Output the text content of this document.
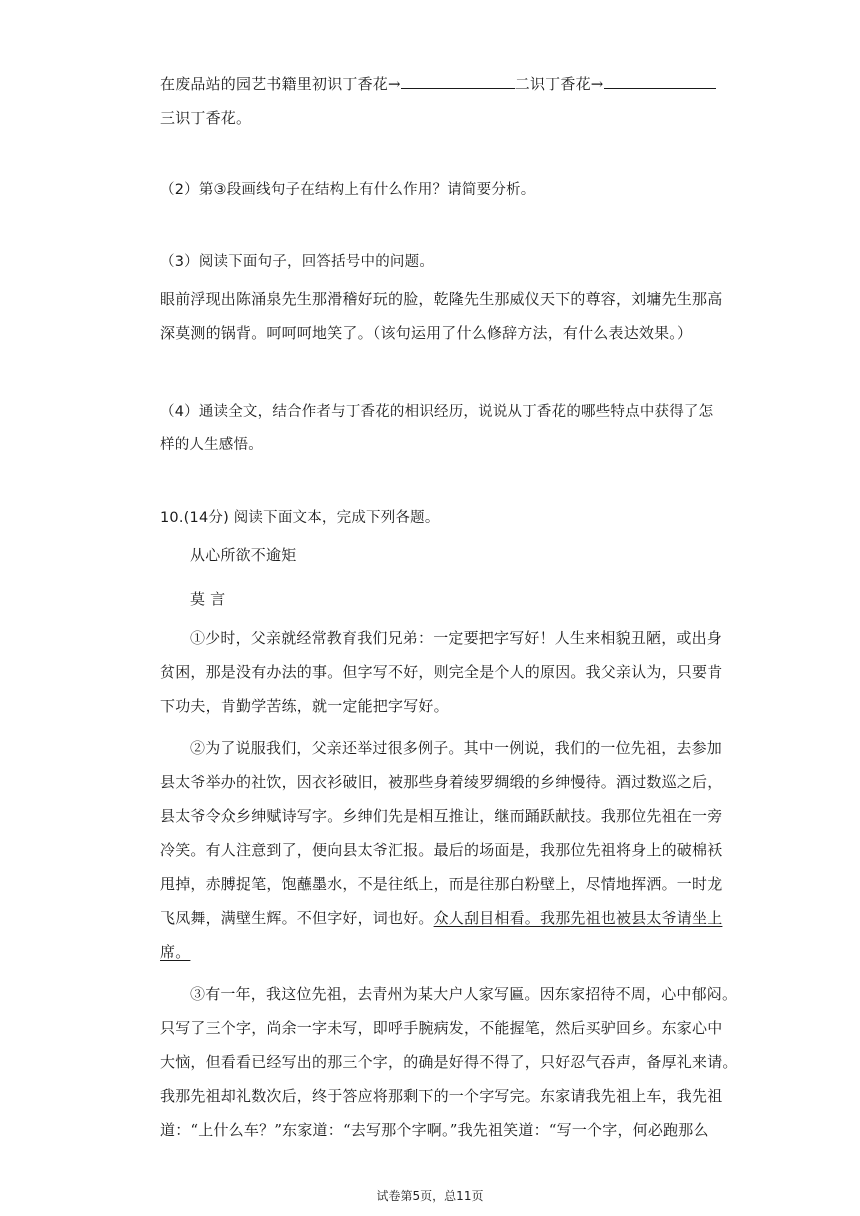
在废品站的园艺书籍里初识丁香花→	二识丁香花→
三识丁香花。
（2）第③段画线句子在结构上有什么作用？请简要分析。
（3）阅读下面句子，回答括号中的问题。
眼前浮现出陈涌泉先生那滑稽好玩的脸，乾隆先生那威仪天下的尊容，刘墉先生那高
深莫测的锅背。呵呵呵地笑了。（该句运用了什么修辞方法，有什么表达效果。）
（4）通读全文，结合作者与丁香花的相识经历，说说从丁香花的哪些特点中获得了怎
样的人生感悟。
10.(14分) 阅读下面文本，完成下列各题。
从心所欲不逾矩
莫 言
①少时，父亲就经常教育我们兄弟：一定要把字写好！人生来相貌丑陋，或出身
贫困，那是没有办法的事。但字写不好，则完全是个人的原因。我父亲认为，只要肯
下功夫，肯勤学苦练，就一定能把字写好。
②为了说服我们，父亲还举过很多例子。其中一例说，我们的一位先祖，去参加
县太爷举办的社饮，因衣衫破旧，被那些身着绫罗绸缎的乡绅慢待。酒过数巡之后，
县太爷令众乡绅赋诗写字。乡绅们先是相互推让，继而踊跃献技。我那位先祖在一旁
冷笑。有人注意到了，便向县太爷汇报。最后的场面是，我那位先祖将身上的破棉袄
甩掉，赤膊捉笔，饱蘸墨水，不是往纸上，而是往那白粉壁上，尽情地挥洒。一时龙
飞凤舞，满壁生辉。不但字好，词也好。众人刮目相看。我那先祖也被县太爷请坐上
席。
③有一年，我这位先祖，去青州为某大户人家写匾。因东家招待不周，心中郁闷。
只写了三个字，尚余一字未写，即呼手腕病发，不能握笔，然后买驴回乡。东家心中
大恼，但看看已经写出的那三个字，的确是好得不得了，只好忍气吞声，备厚礼来请。
我那先祖却礼数次后，终于答应将那剩下的一个字写完。东家请我先祖上车，我先祖
道：“上什么车？”东家道：“去写那个字啊。”我先祖笑道：“写一个字，何必跑那么
试卷第5页，总11页
